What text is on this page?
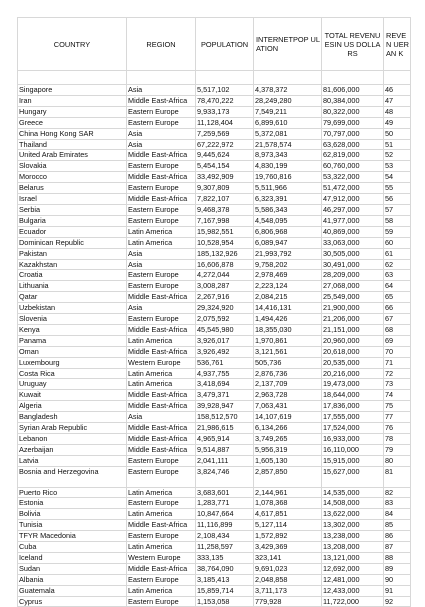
COUNTRY	REGION	POPULATION	INTERNETPOP ULATION	TOTAL REVENUESIN US DOLLARS	REVEN UERAN K

Singapore	Asia	5,517,102	4,378,372	81,606,000	46
Iran	Middle East-Africa	78,470,222	28,249,280	80,384,000	47
Hungary	Eastern Europe	9,933,173	7,549,211	80,322,000	48
Greece	Eastern Europe	11,128,404	6,899,610	79,699,000	49
China Hong Kong SAR	Asia	7,259,569	5,372,081	70,797,000	50
Thailand	Asia	67,222,972	21,578,574	63,628,000	51
United Arab Emirates	Middle East-Africa	9,445,624	8,973,343	62,819,000	52
Slovakia	Eastern Europe	5,454,154	4,830,199	60,760,000	53
Morocco	Middle East-Africa	33,492,909	19,760,816	53,322,000	54
Belarus	Eastern Europe	9,307,809	5,511,966	51,472,000	55
Israel	Middle East-Africa	7,822,107	6,323,391	47,912,000	56
Serbia	Eastern Europe	9,468,378	5,586,343	46,297,000	57
Bulgaria	Eastern Europe	7,167,998	4,548,095	41,977,000	58
Ecuador	Latin America	15,982,551	6,806,968	40,869,000	59
Dominican Republic	Latin America	10,528,954	6,089,947	33,063,000	60
Pakistan	Asia	185,132,926	21,993,792	30,505,000	61
Kazakhstan	Asia	16,606,878	9,758,202	30,491,000	62
Croatia	Eastern Europe	4,272,044	2,978,469	28,209,000	63
Lithuania	Eastern Europe	3,008,287	2,223,124	27,068,000	64
Qatar	Middle East-Africa	2,267,916	2,084,215	25,549,000	65
Uzbekistan	Asia	29,324,920	14,416,131	21,900,000	66
Slovenia	Eastern Europe	2,075,592	1,494,426	21,206,000	67
Kenya	Middle East-Africa	45,545,980	18,355,030	21,151,000	68
Panama	Latin America	3,926,017	1,970,861	20,960,000	69
Oman	Middle East-Africa	3,926,492	3,121,561	20,618,000	70
Luxembourg	Western Europe	536,761	505,736	20,535,000	71
Costa Rica	Latin America	4,937,755	2,876,736	20,216,000	72
Uruguay	Latin America	3,418,694	2,137,709	19,473,000	73
Kuwait	Middle East-Africa	3,479,371	2,963,728	18,644,000	74
Algeria	Middle East-Africa	39,928,947	7,063,431	17,836,000	75
Bangladesh	Asia	158,512,570	14,107,619	17,555,000	77
Syrian Arab Republic	Middle East-Africa	21,986,615	6,134,266	17,524,000	76
Lebanon	Middle East-Africa	4,965,914	3,749,265	16,933,000	78
Azerbaijan	Middle East-Africa	9,514,887	5,956,319	16,110,000	79
Latvia	Eastern Europe	2,041,111	1,605,130	15,915,000	80
Bosnia and Herzegovina	Eastern Europe	3,824,746	2,857,850	15,627,000	81
Puerto Rico	Latin America	3,683,601	2,144,961	14,535,000	82
Estonia	Eastern Europe	1,283,771	1,078,368	14,508,000	83
Bolivia	Latin America	10,847,664	4,617,851	13,622,000	84
Tunisia	Middle East-Africa	11,116,899	5,127,114	13,302,000	85
TFYR Macedonia	Eastern Europe	2,108,434	1,572,892	13,238,000	86
Cuba	Latin America	11,258,597	3,429,369	13,208,000	87
Iceland	Western Europe	333,135	323,141	13,121,000	88
Sudan	Middle East-Africa	38,764,090	9,691,023	12,692,000	89
Albania	Eastern Europe	3,185,413	2,048,858	12,481,000	90
Guatemala	Latin America	15,859,714	3,711,173	12,433,000	91
Cyprus	Eastern Europe	1,153,058	779,928	11,722,000	92
